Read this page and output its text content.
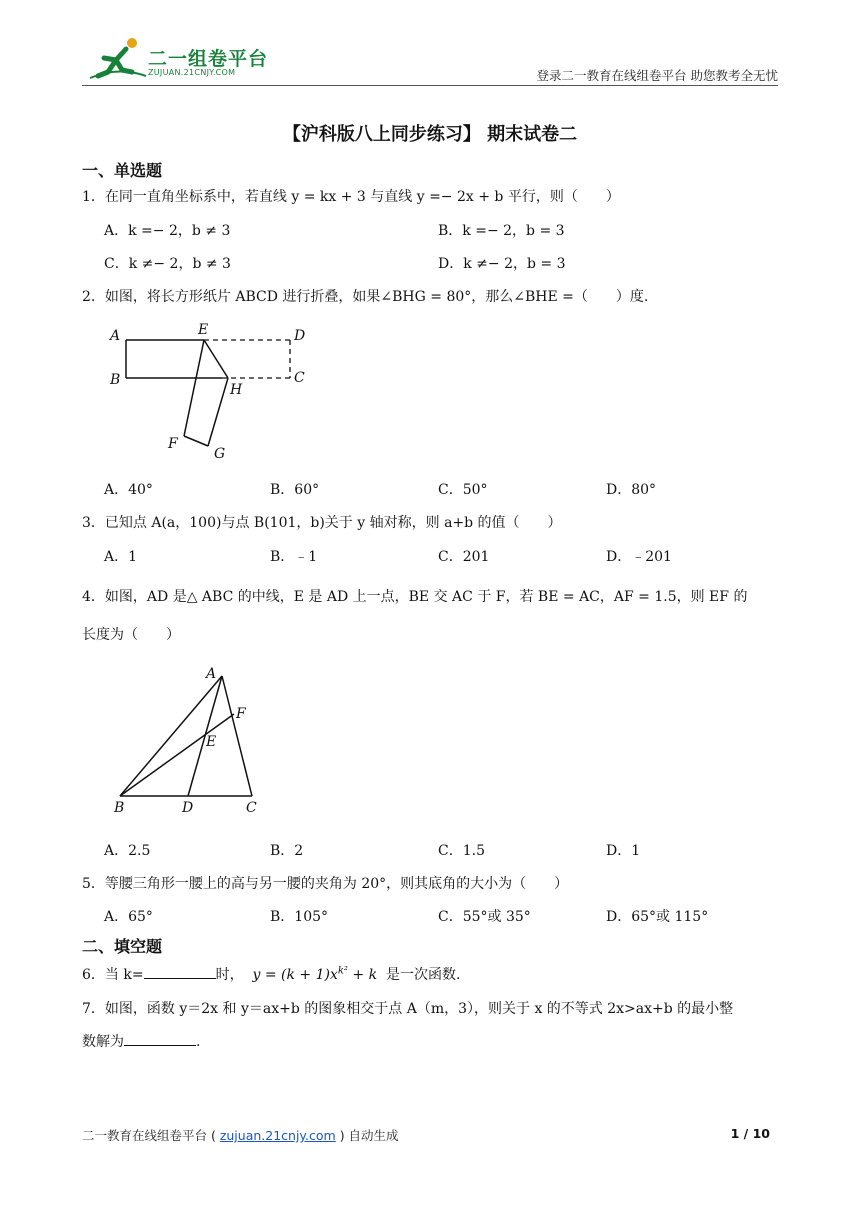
二一组卷平台
ZUJUAN.21CNJY.COM	登录二一教育在线组卷平台 助您教考全无忧
【沪科版八上同步练习】 期末试卷二
一、单选题
1．在同一直角坐标系中，若直线 y = kx + 3 与直线 y =− 2x + b 平行，则（　　）
A．k =− 2，b ≠ 3	B．k =− 2，b = 3
C．k ≠− 2，b ≠ 3	D．k ≠− 2，b = 3
2．如图，将长方形纸片 ABCD 进行折叠，如果∠BHG = 80°，那么∠BHE =（　　）度.
A	E	D
B	C
H
F
G
A．40°	B．60°	C．50°	D．80°
3．已知点 A(a，100)与点 B(101，b)关于 y 轴对称，则 a+b 的值（　　）
A．1	B．﹣1	C．201	D．﹣201
4．如图，AD 是△ ABC 的中线，E 是 AD 上一点，BE 交 AC 于 F，若 BE = AC，AF = 1.5，则 EF 的
长度为（　　）
A
F
E
B	D	C
A．2.5	B．2	C．1.5	D．1
5．等腰三角形一腰上的高与另一腰的夹角为 20°，则其底角的大小为（　　）
A．65°	B．105°	C．55°或 35°	D．65°或 115°
二、填空题
6．当 k=	时， $y = (k + 1)x^{k^2} + k$ 是一次函数.
7．如图，函数 y＝2x 和 y＝ax+b 的图象相交于点 A（m，3），则关于 x 的不等式 2x>ax+b 的最小整
数解为	.
二一教育在线组卷平台 ( zujuan.21cnjy.com ) 自动生成	1 / 10
